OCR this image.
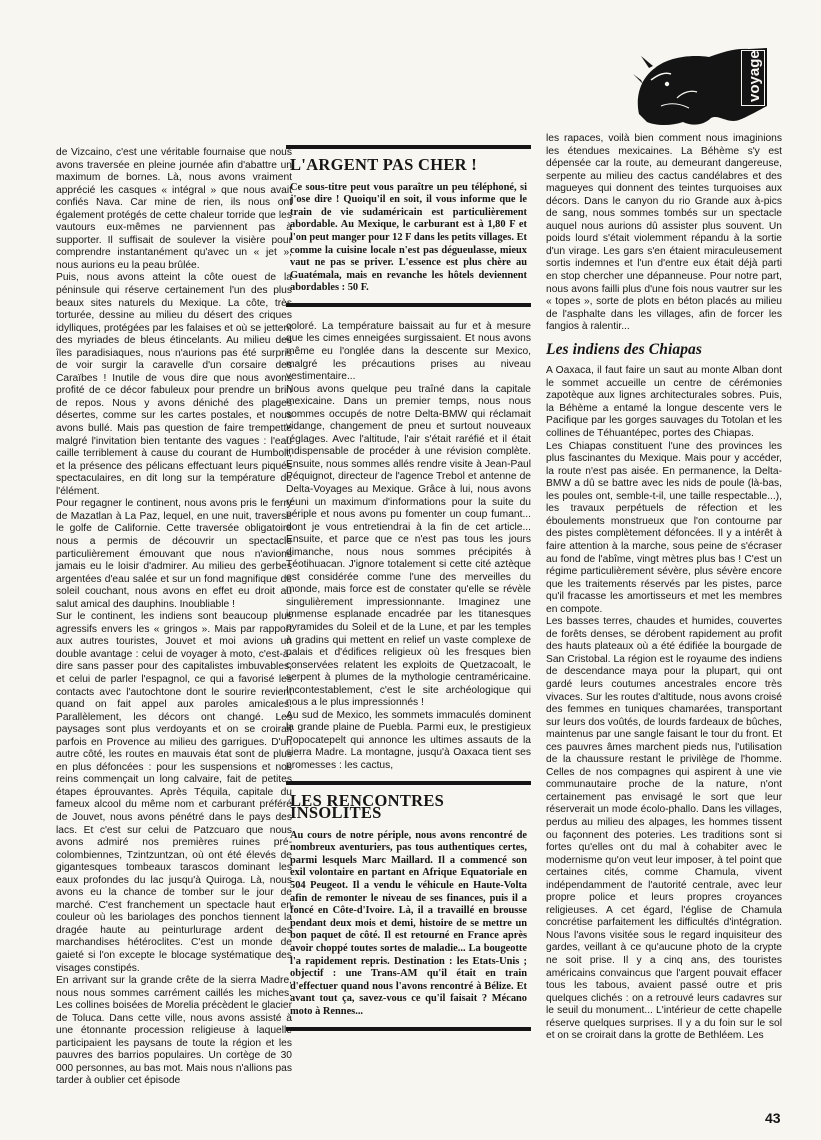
voyage

de Vizcaino, c'est une véritable fournaise que nous avons traversée en pleine journée afin d'abattre un maximum de bornes. Là, nous avons vraiment apprécié les casques « intégral » que nous avait confiés Nava. Car mine de rien, ils nous ont également protégés de cette chaleur torride que les vautours eux-mêmes ne parviennent pas à supporter. Il suffisait de soulever la visière pour comprendre instantanément qu'avec un « jet », nous aurions eu la peau brûlée.

Puis, nous avons atteint la côte ouest de la péninsule qui réserve certainement l'un des plus beaux sites naturels du Mexique. La côte, très torturée, dessine au milieu du désert des criques idylliques, protégées par les falaises et où se jettent des myriades de bleus étincelants. Au milieu des îles paradisiaques, nous n'aurions pas été surpris de voir surgir la caravelle d'un corsaire des Caraïbes ! Inutile de vous dire que nous avons profité de ce décor fabuleux pour prendre un brin de repos. Nous y avons déniché des plages désertes, comme sur les cartes postales, et nous avons bullé. Mais pas question de faire trempette malgré l'invitation bien tentante des vagues : l'eau caille terriblement à cause du courant de Humbolt, et la présence des pélicans effectuant leurs piqués spectaculaires, en dit long sur la température de l'élément.

Pour regagner le continent, nous avons pris le ferry de Mazatlan à La Paz, lequel, en une nuit, traverse le golfe de Californie. Cette traversée obligatoire nous a permis de découvrir un spectacle particulièrement émouvant que nous n'avions jamais eu le loisir d'admirer. Au milieu des gerbes argentées d'eau salée et sur un fond magnifique de soleil couchant, nous avons en effet eu droit au salut amical des dauphins. Inoubliable !

Sur le continent, les indiens sont beaucoup plus agressifs envers les « gringos ». Mais par rapport aux autres touristes, Jouvet et moi avions un double avantage : celui de voyager à moto, c'est-à-dire sans passer pour des capitalistes imbuvables, et celui de parler l'espagnol, ce qui a favorisé les contacts avec l'autochtone dont le sourire revient quand on fait appel aux paroles amicales. Parallèlement, les décors ont changé. Les paysages sont plus verdoyants et on se croirait parfois en Provence au milieu des garrigues. D'un autre côté, les routes en mauvais état sont de plus en plus défoncées : pour les suspensions et nos reins commençait un long calvaire, fait de petites étapes éprouvantes. Après Téquila, capitale du fameux alcool du même nom et carburant préféré de Jouvet, nous avons pénétré dans le pays des lacs. Et c'est sur celui de Patzcuaro que nous avons admiré nos premières ruines pré-colombiennes, Tzintzuntzan, où ont été élevés de gigantesques tombeaux tarascos dominant les eaux profondes du lac jusqu'à Quiroga. Là, nous avons eu la chance de tomber sur le jour de marché. C'est franchement un spectacle haut en couleur où les bariolages des ponchos tiennent la dragée haute au peinturlurage ardent des marchandises hétéroclites. C'est un monde de gaieté si l'on excepte le blocage systématique des visages constipés.

En arrivant sur la grande crête de la sierra Madre, nous nous sommes carrément caillés les miches. Les collines boisées de Morelia précèdent le glacier de Toluca. Dans cette ville, nous avons assisté à une étonnante procession religieuse à laquelle participaient les paysans de toute la région et les pauvres des barrios populaires. Un cortège de 30 000 personnes, au bas mot. Mais nous n'allions pas tarder à oublier cet épisode

L'ARGENT PAS CHER !
Ce sous-titre peut vous paraître un peu téléphoné, si j'ose dire ! Quoiqu'il en soit, il vous informe que le train de vie sudaméricain est particulièrement abordable. Au Mexique, le carburant est à 1,80 F et l'on peut manger pour 12 F dans les petits villages. Et comme la cuisine locale n'est pas dégueulasse, mieux vaut ne pas se priver. L'essence est plus chère au Guatémala, mais en revanche les hôtels deviennent abordables : 50 F.

coloré. La température baissait au fur et à mesure que les cimes enneigées surgissaient. Et nous avons même eu l'onglée dans la descente sur Mexico, malgré les précautions prises au niveau vestimentaire...

Nous avons quelque peu traîné dans la capitale mexicaine. Dans un premier temps, nous nous sommes occupés de notre Delta-BMW qui réclamait vidange, changement de pneu et surtout nouveaux réglages. Avec l'altitude, l'air s'était raréfié et il était indispensable de procéder à une révision complète. Ensuite, nous sommes allés rendre visite à Jean-Paul Péquignot, directeur de l'agence Trebol et antenne de Delta-Voyages au Mexique. Grâce à lui, nous avons réuni un maximum d'informations pour la suite du périple et nous avons pu fomenter un coup fumant... dont je vous entretiendrai à la fin de cet article... Ensuite, et parce que ce n'est pas tous les jours dimanche, nous nous sommes précipités à Téotihuacan. J'ignore totalement si cette cité aztèque est considérée comme l'une des merveilles du monde, mais force est de constater qu'elle se révèle singulièrement impressionnante. Imaginez une immense esplanade encadrée par les titanesques pyramides du Soleil et de la Lune, et par les temples à gradins qui mettent en relief un vaste complexe de palais et d'édifices religieux où les fresques bien conservées relatent les exploits de Quetzacoalt, le serpent à plumes de la mythologie centraméricaine. Incontestablement, c'est le site archéologique qui nous a le plus impressionnés !

Au sud de Mexico, les sommets immaculés dominent la grande plaine de Puebla. Parmi eux, le prestigieux Popocatepelt qui annonce les ultimes assauts de la sierra Madre. La montagne, jusqu'à Oaxaca tient ses promesses : les cactus,

LES RENCONTRES INSOLITES
Au cours de notre périple, nous avons rencontré de nombreux aventuriers, pas tous authentiques certes, parmi lesquels Marc Maillard. Il a commencé son exil volontaire en partant en Afrique Equatoriale en 504 Peugeot. Il a vendu le véhicule en Haute-Volta afin de remonter le niveau de ses finances, puis il a foncé en Côte-d'Ivoire. Là, il a travaillé en brousse pendant deux mois et demi, histoire de se mettre un bon paquet de côté. Il est retourné en France après avoir choppé toutes sortes de maladie... La bougeotte l'a rapidement repris. Destination : les Etats-Unis ; objectif : une Trans-AM qu'il était en train d'effectuer quand nous l'avons rencontré à Bélize. Et avant tout ça, savez-vous ce qu'il faisait ? Mécano moto à Rennes...

les rapaces, voilà bien comment nous imaginions les étendues mexicaines. La Béhème s'y est dépensée car la route, au demeurant dangereuse, serpente au milieu des cactus candélabres et des magueyes qui donnent des teintes turquoises aux décors. Dans le canyon du rio Grande aux à-pics de sang, nous sommes tombés sur un spectacle auquel nous aurions dû assister plus souvent. Un poids lourd s'était violemment répandu à la sortie d'un virage. Les gars s'en étaient miraculeusement sortis indemnes et l'un d'entre eux était déjà parti en stop chercher une dépanneuse. Pour notre part, nous avons failli plus d'une fois nous vautrer sur les « topes », sorte de plots en béton placés au milieu de l'asphalte dans les villages, afin de forcer les fangios à ralentir...

Les indiens des Chiapas

A Oaxaca, il faut faire un saut au monte Alban dont le sommet accueille un centre de cérémonies zapotèque aux lignes architecturales sobres. Puis, la Béhème a entamé la longue descente vers le Pacifique par les gorges sauvages du Totolan et les collines de Téhuantépec, portes des Chiapas.

Les Chiapas constituent l'une des provinces les plus fascinantes du Mexique. Mais pour y accéder, la route n'est pas aisée. En permanence, la Delta-BMW a dû se battre avec les nids de poule (là-bas, les poules ont, semble-t-il, une taille respectable...), les travaux perpétuels de réfection et les éboulements monstrueux que l'on contourne par des pistes complètement défoncées. Il y a intérêt à faire attention à la marche, sous peine de s'écraser au fond de l'abîme, vingt mètres plus bas ! C'est un régime particulièrement sévère, plus sévère encore que les traitements réservés par les pistes, parce qu'il fracasse les amortisseurs et met les membres en compote.

Les basses terres, chaudes et humides, couvertes de forêts denses, se dérobent rapidement au profit des hauts plateaux où a été édifiée la bourgade de San Cristobal. La région est le royaume des indiens de descendance maya pour la plupart, qui ont gardé leurs coutumes ancestrales encore très vivaces. Sur les routes d'altitude, nous avons croisé des femmes en tuniques chamarées, transportant sur leurs dos voûtés, de lourds fardeaux de bûches, maintenus par une sangle faisant le tour du front. Et ces pauvres âmes marchent pieds nus, l'utilisation de la chaussure restant le privilège de l'homme. Celles de nos compagnes qui aspirent à une vie communautaire proche de la nature, n'ont certainement pas envisagé le sort que leur réserverait un mode écolo-phallo. Dans les villages, perdus au milieu des alpages, les hommes tissent ou façonnent des poteries. Les traditions sont si fortes qu'elles ont du mal à cohabiter avec le modernisme qu'on veut leur imposer, à tel point que certaines cités, comme Chamula, vivent indépendamment de l'autorité centrale, avec leur propre police et leurs propres croyances religieuses. A cet égard, l'église de Chamula concrétise parfaitement les difficultés d'intégration. Nous l'avons visitée sous le regard inquisiteur des gardes, veillant à ce qu'aucune photo de la crypte ne soit prise. Il y a cinq ans, des touristes américains convaincus que l'argent pouvait effacer tous les tabous, avaient passé outre et pris quelques clichés : on a retrouvé leurs cadavres sur le seuil du monument... L'intérieur de cette chapelle réserve quelques surprises. Il y a du foin sur le sol et on se croirait dans la grotte de Bethléem. Les

43
